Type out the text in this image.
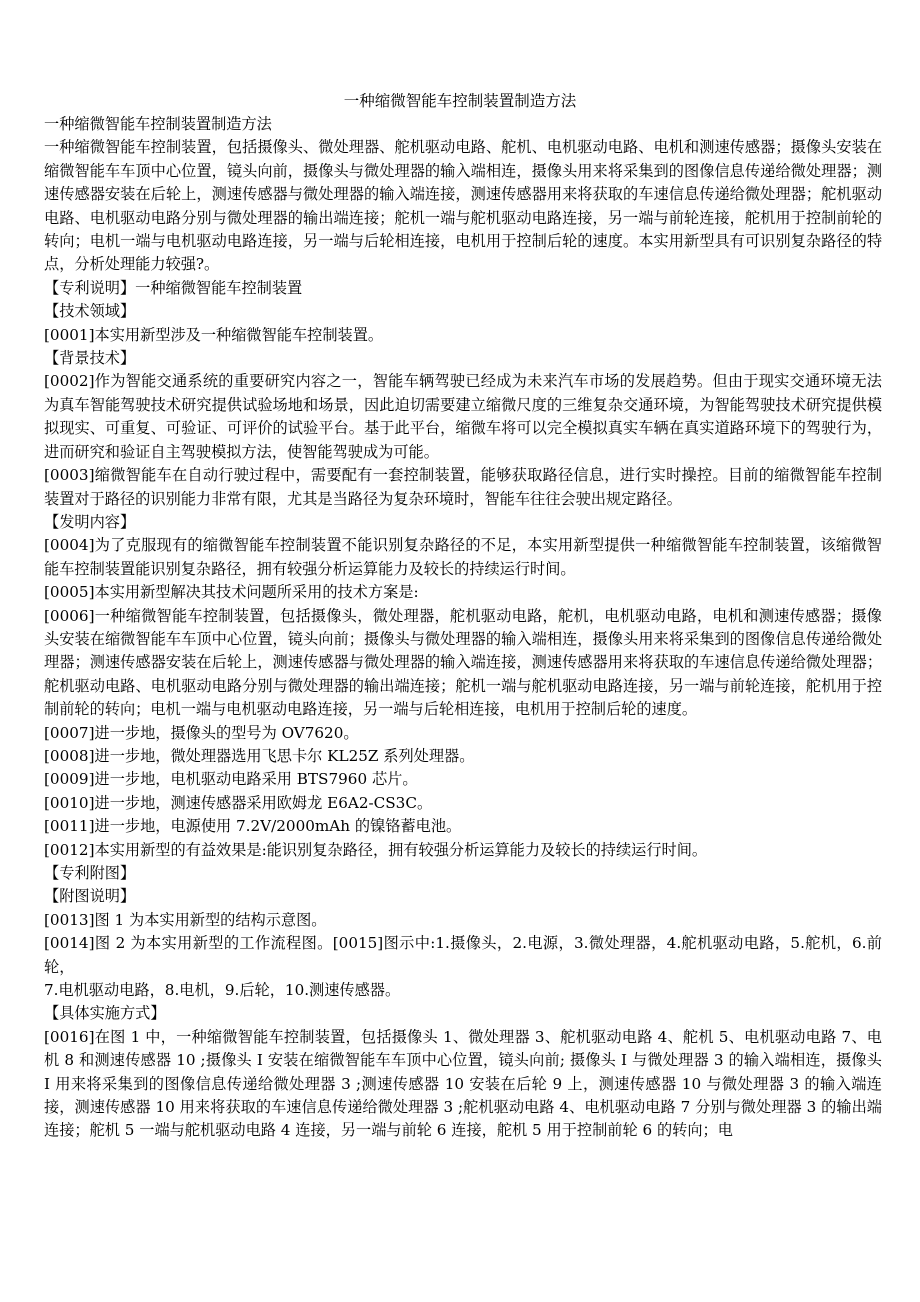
一种缩微智能车控制装置制造方法

一种缩微智能车控制装置制造方法

一种缩微智能车控制装置，包括摄像头、微处理器、舵机驱动电路、舵机、电机驱动电路、电机和测速传感器；摄像头安装在缩微智能车车顶中心位置，镜头向前，摄像头与微处理器的输入端相连，摄像头用来将采集到的图像信息传递给微处理器；测速传感器安装在后轮上，测速传感器与微处理器的输入端连接，测速传感器用来将获取的车速信息传递给微处理器；舵机驱动电路、电机驱动电路分别与微处理器的输出端连接；舵机一端与舵机驱动电路连接，另一端与前轮连接，舵机用于控制前轮的转向；电机一端与电机驱动电路连接，另一端与后轮相连接，电机用于控制后轮的速度。本实用新型具有可识别复杂路径的特点，分析处理能力较强?。

【专利说明】一种缩微智能车控制装置

【技术领域】

[0001]本实用新型涉及一种缩微智能车控制装置。

【背景技术】

[0002]作为智能交通系统的重要研究内容之一，智能车辆驾驶已经成为未来汽车市场的发展趋势。但由于现实交通环境无法为真车智能驾驶技术研究提供试验场地和场景，因此迫切需要建立缩微尺度的三维复杂交通环境，为智能驾驶技术研究提供模拟现实、可重复、可验证、可评价的试验平台。基于此平台，缩微车将可以完全模拟真实车辆在真实道路环境下的驾驶行为，进而研究和验证自主驾驶模拟方法，使智能驾驶成为可能。

[0003]缩微智能车在自动行驶过程中，需要配有一套控制装置，能够获取路径信息，进行实时操控。目前的缩微智能车控制装置对于路径的识别能力非常有限，尤其是当路径为复杂环境时，智能车往往会驶出规定路径。

【发明内容】

[0004]为了克服现有的缩微智能车控制装置不能识别复杂路径的不足，本实用新型提供一种缩微智能车控制装置，该缩微智能车控制装置能识别复杂路径，拥有较强分析运算能力及较长的持续运行时间。

[0005]本实用新型解决其技术问题所采用的技术方案是:

[0006]一种缩微智能车控制装置，包括摄像头，微处理器，舵机驱动电路，舵机，电机驱动电路，电机和测速传感器；摄像头安装在缩微智能车车顶中心位置，镜头向前；摄像头与微处理器的输入端相连，摄像头用来将采集到的图像信息传递给微处理器；测速传感器安装在后轮上，测速传感器与微处理器的输入端连接，测速传感器用来将获取的车速信息传递给微处理器；舵机驱动电路、电机驱动电路分别与微处理器的输出端连接；舵机一端与舵机驱动电路连接，另一端与前轮连接，舵机用于控制前轮的转向；电机一端与电机驱动电路连接，另一端与后轮相连接，电机用于控制后轮的速度。

[0007]进一步地，摄像头的型号为 OV7620。

[0008]进一步地，微处理器选用飞思卡尔 KL25Z 系列处理器。

[0009]进一步地，电机驱动电路采用 BTS7960 芯片。

[0010]进一步地，测速传感器采用欧姆龙 E6A2-CS3C。

[0011]进一步地，电源使用 7.2V/2000mAh 的镍铬蓄电池。

[0012]本实用新型的有益效果是:能识别复杂路径，拥有较强分析运算能力及较长的持续运行时间。

【专利附图】

【附图说明】

[0013]图 1 为本实用新型的结构示意图。

[0014]图 2 为本实用新型的工作流程图。[0015]图示中:1.摄像头，2.电源，3.微处理器，4.舵机驱动电路，5.舵机，6.前轮，

7.电机驱动电路，8.电机，9.后轮，10.测速传感器。

【具体实施方式】

[0016]在图 1 中，一种缩微智能车控制装置，包括摄像头 1、微处理器 3、舵机驱动电路 4、舵机 5、电机驱动电路 7、电机 8 和测速传感器 10 ;摄像头 I 安装在缩微智能车车顶中心位置，镜头向前; 摄像头 I 与微处理器 3 的输入端相连，摄像头 I 用来将采集到的图像信息传递给微处理器 3 ;测速传感器 10 安装在后轮 9 上，测速传感器 10 与微处理器 3 的输入端连接，测速传感器 10 用来将获取的车速信息传递给微处理器 3 ;舵机驱动电路 4、电机驱动电路 7 分别与微处理器 3 的输出端连接；舵机 5 一端与舵机驱动电路 4 连接，另一端与前轮 6 连接，舵机 5 用于控制前轮 6 的转向；电
